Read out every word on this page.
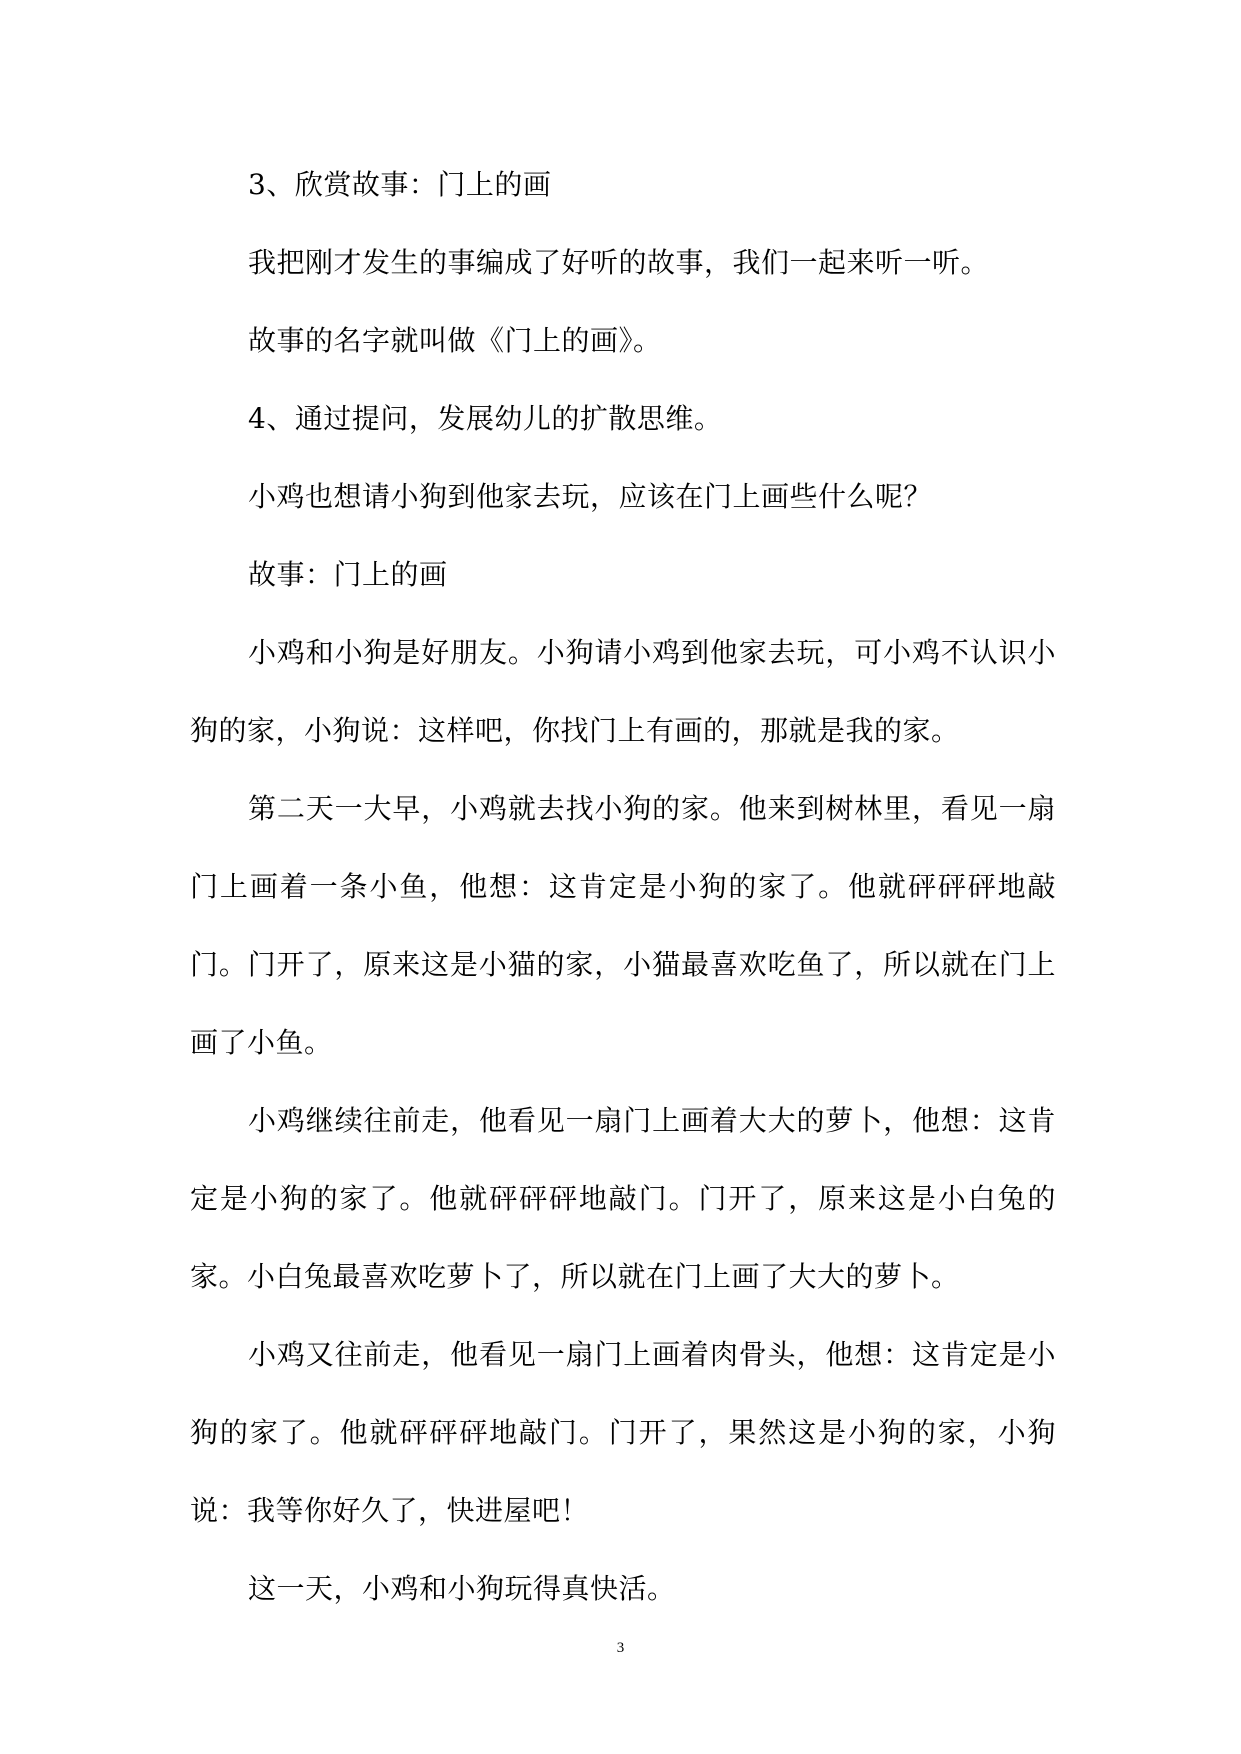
3、欣赏故事：门上的画

我把刚才发生的事编成了好听的故事，我们一起来听一听。

故事的名字就叫做《门上的画》。

4、通过提问，发展幼儿的扩散思维。

小鸡也想请小狗到他家去玩，应该在门上画些什么呢？

故事：门上的画

小鸡和小狗是好朋友。小狗请小鸡到他家去玩，可小鸡不认识小狗的家，小狗说：这样吧，你找门上有画的，那就是我的家。

第二天一大早，小鸡就去找小狗的家。他来到树林里，看见一扇门上画着一条小鱼，他想：这肯定是小狗的家了。他就砰砰砰地敲门。门开了，原来这是小猫的家，小猫最喜欢吃鱼了，所以就在门上画了小鱼。

小鸡继续往前走，他看见一扇门上画着大大的萝卜，他想：这肯定是小狗的家了。他就砰砰砰地敲门。门开了，原来这是小白兔的家。小白兔最喜欢吃萝卜了，所以就在门上画了大大的萝卜。

小鸡又往前走，他看见一扇门上画着肉骨头，他想：这肯定是小狗的家了。他就砰砰砰地敲门。门开了，果然这是小狗的家，小狗说：我等你好久了，快进屋吧！

这一天，小鸡和小狗玩得真快活。

3
